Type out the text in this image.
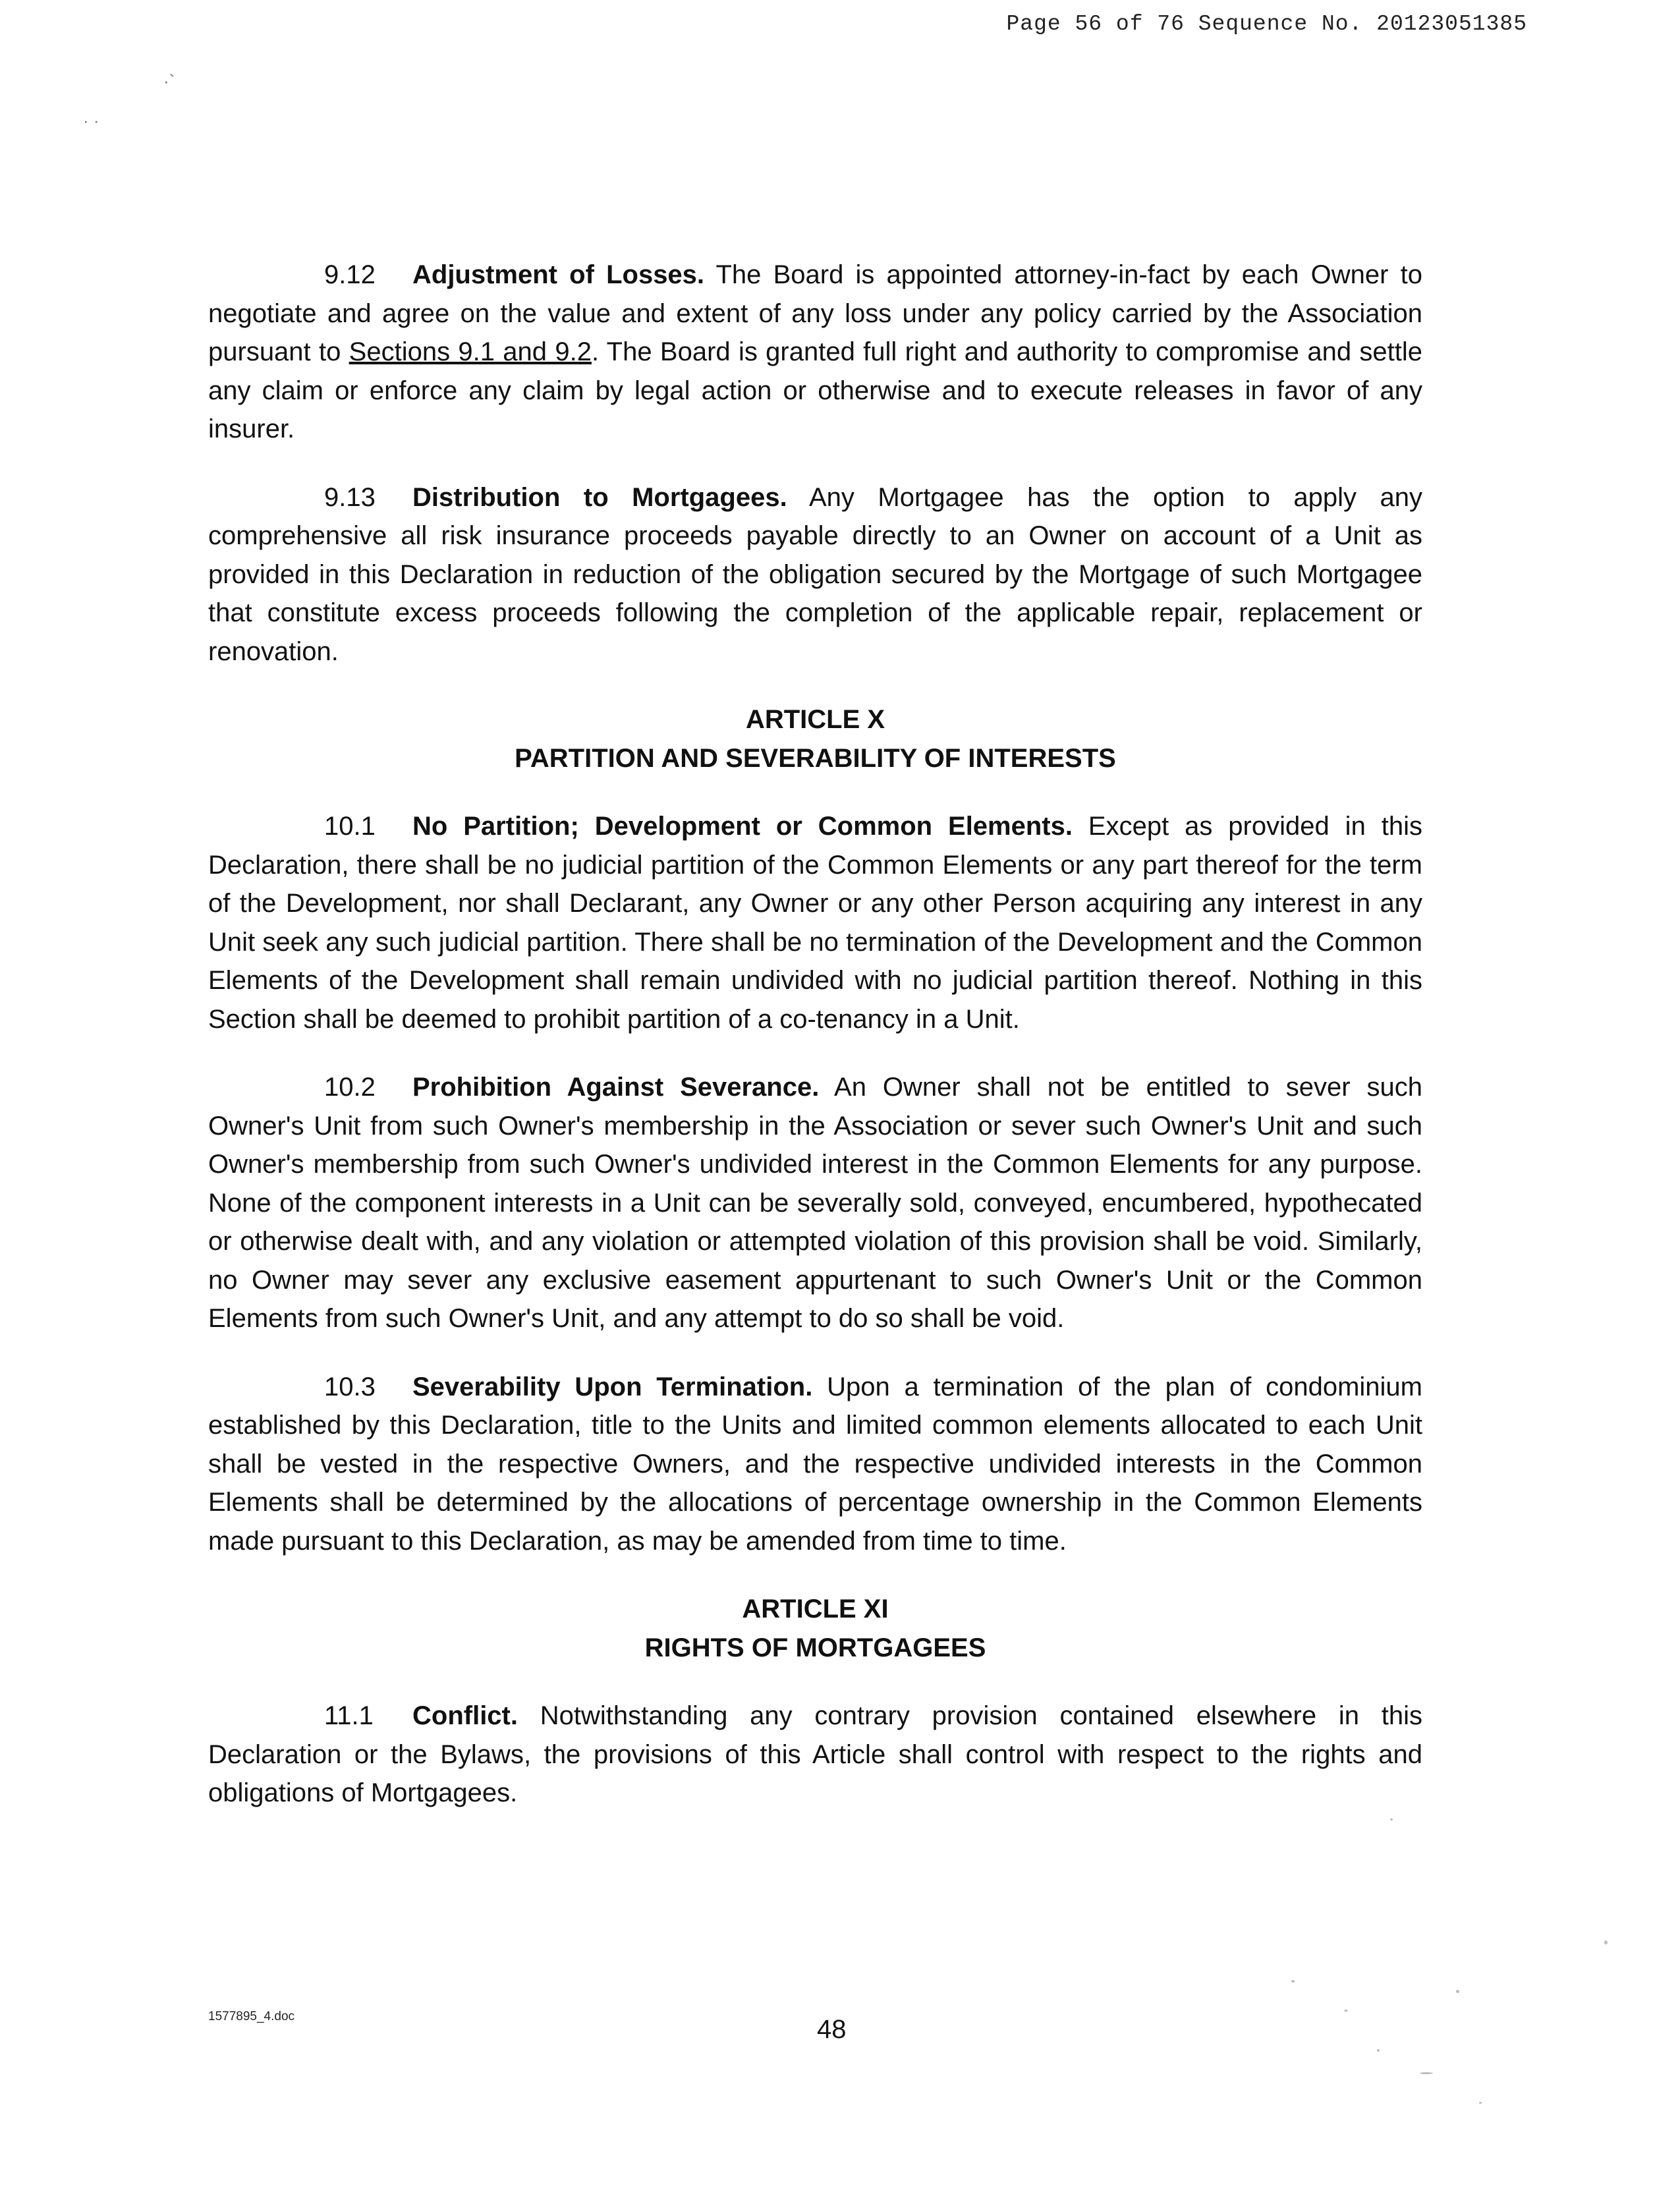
Page 56 of 76 Sequence No. 20123051385
·`
· ·

9.12 Adjustment of Losses. The Board is appointed attorney-in-fact by each Owner to negotiate and agree on the value and extent of any loss under any policy carried by the Association pursuant to Sections 9.1 and 9.2. The Board is granted full right and authority to compromise and settle any claim or enforce any claim by legal action or otherwise and to execute releases in favor of any insurer.

9.13 Distribution to Mortgagees. Any Mortgagee has the option to apply any comprehensive all risk insurance proceeds payable directly to an Owner on account of a Unit as provided in this Declaration in reduction of the obligation secured by the Mortgage of such Mortgagee that constitute excess proceeds following the completion of the applicable repair, replacement or renovation.

ARTICLE X
PARTITION AND SEVERABILITY OF INTERESTS

10.1 No Partition; Development or Common Elements. Except as provided in this Declaration, there shall be no judicial partition of the Common Elements or any part thereof for the term of the Development, nor shall Declarant, any Owner or any other Person acquiring any interest in any Unit seek any such judicial partition. There shall be no termination of the Development and the Common Elements of the Development shall remain undivided with no judicial partition thereof. Nothing in this Section shall be deemed to prohibit partition of a co-tenancy in a Unit.

10.2 Prohibition Against Severance. An Owner shall not be entitled to sever such Owner's Unit from such Owner's membership in the Association or sever such Owner's Unit and such Owner's membership from such Owner's undivided interest in the Common Elements for any purpose. None of the component interests in a Unit can be severally sold, conveyed, encumbered, hypothecated or otherwise dealt with, and any violation or attempted violation of this provision shall be void. Similarly, no Owner may sever any exclusive easement appurtenant to such Owner's Unit or the Common Elements from such Owner's Unit, and any attempt to do so shall be void.

10.3 Severability Upon Termination. Upon a termination of the plan of condominium established by this Declaration, title to the Units and limited common elements allocated to each Unit shall be vested in the respective Owners, and the respective undivided interests in the Common Elements shall be determined by the allocations of percentage ownership in the Common Elements made pursuant to this Declaration, as may be amended from time to time.

ARTICLE XI
RIGHTS OF MORTGAGEES

11.1 Conflict. Notwithstanding any contrary provision contained elsewhere in this Declaration or the Bylaws, the provisions of this Article shall control with respect to the rights and obligations of Mortgagees.

1577895_4.doc	48
